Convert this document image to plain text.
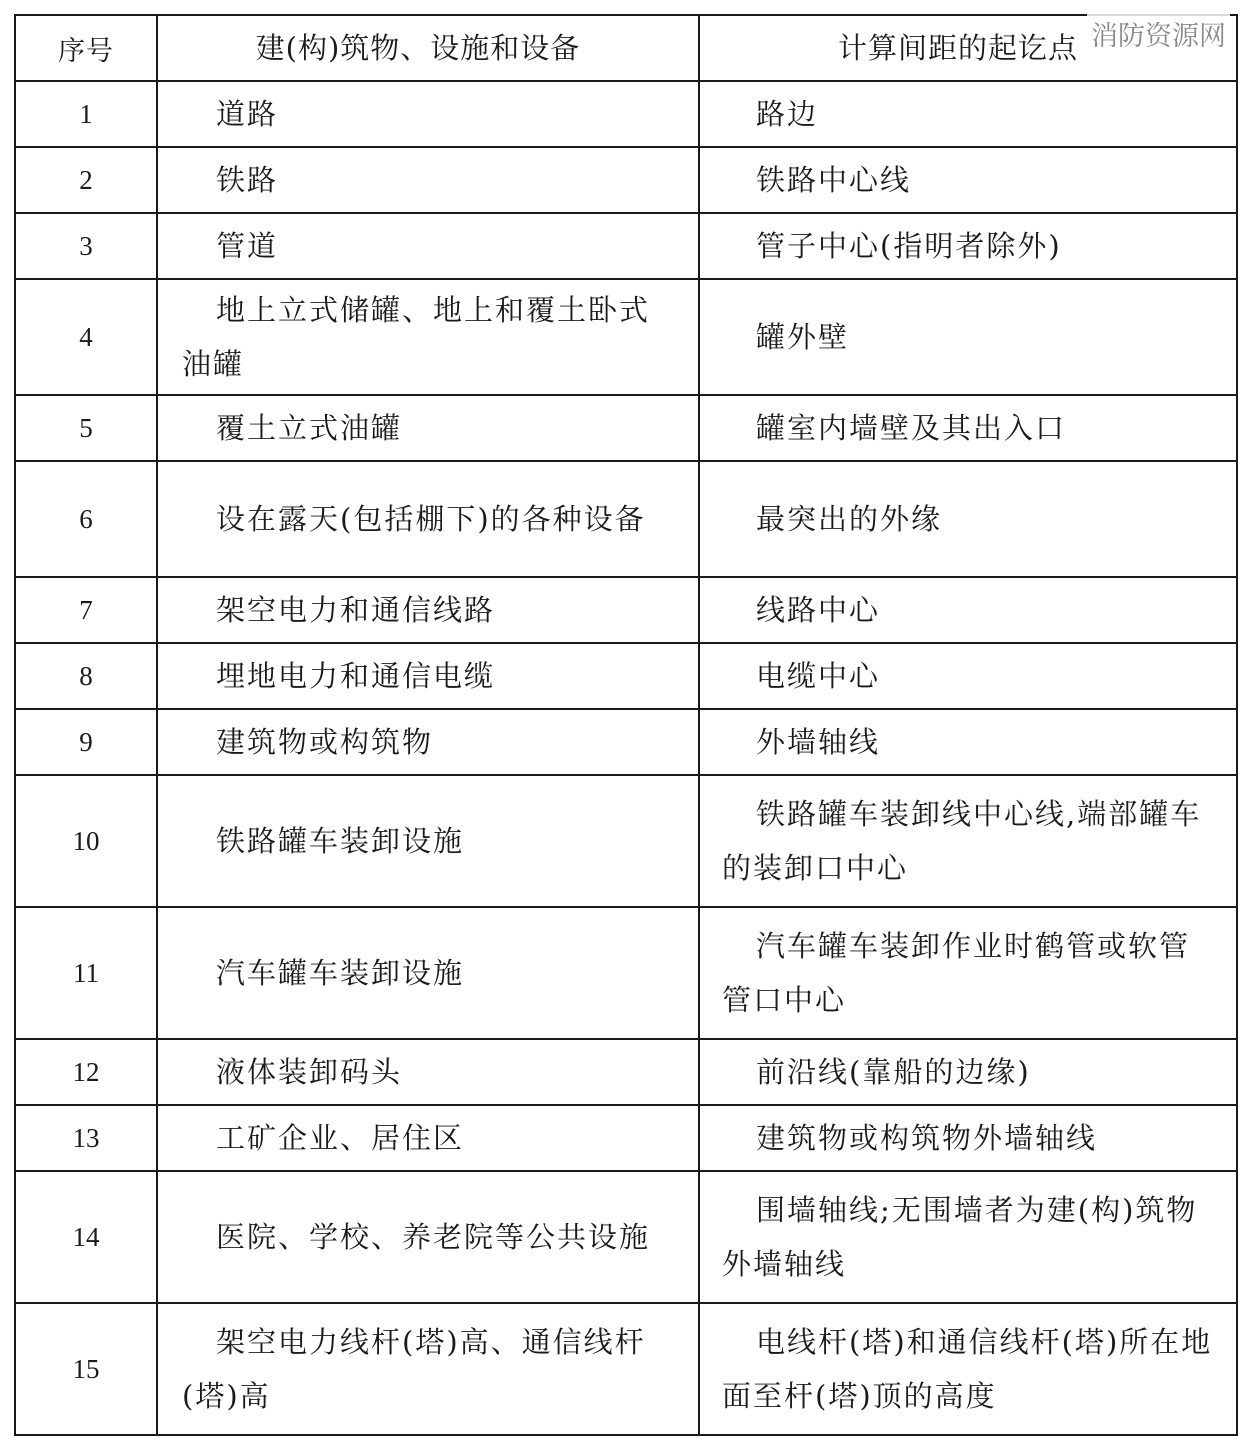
序号	建(构)筑物、设施和设备	计算间距的起讫点
1	道路	路边
2	铁路	铁路中心线
3	管道	管子中心(指明者除外)
4	地上立式储罐、地上和覆土卧式油罐	罐外壁
5	覆土立式油罐	罐室内墙壁及其出入口
6	设在露天(包括棚下)的各种设备	最突出的外缘
7	架空电力和通信线路	线路中心
8	埋地电力和通信电缆	电缆中心
9	建筑物或构筑物	外墙轴线
10	铁路罐车装卸设施	铁路罐车装卸线中心线,端部罐车的装卸口中心
11	汽车罐车装卸设施	汽车罐车装卸作业时鹤管或软管管口中心
12	液体装卸码头	前沿线(靠船的边缘)
13	工矿企业、居住区	建筑物或构筑物外墙轴线
14	医院、学校、养老院等公共设施	围墙轴线;无围墙者为建(构)筑物外墙轴线
15	架空电力线杆(塔)高、通信线杆(塔)高	电线杆(塔)和通信线杆(塔)所在地面至杆(塔)顶的高度
消防资源网
